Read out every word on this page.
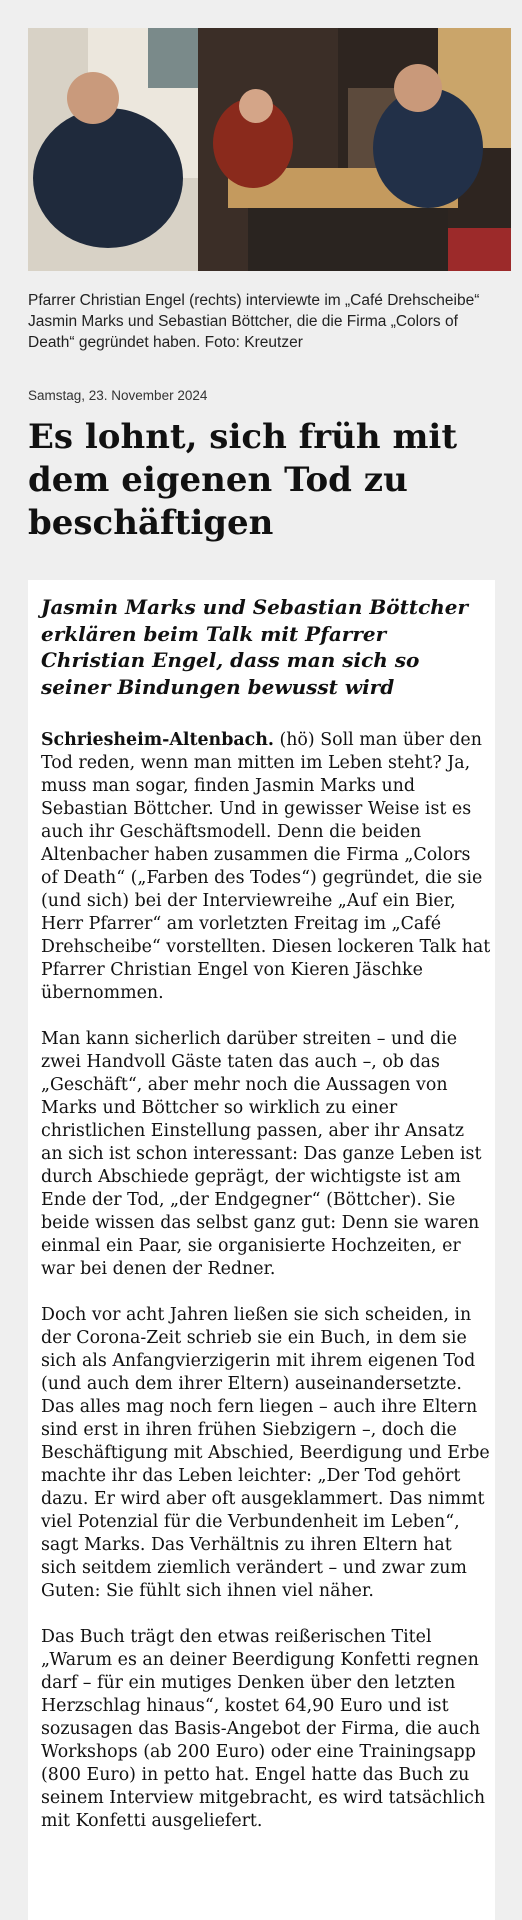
Pfarrer Christian Engel (rechts) interviewte im „Café Drehscheibe“ Jasmin Marks und Sebastian Böttcher, die die Firma „Colors of Death“ gegründet haben. Foto: Kreutzer
Samstag, 23. November 2024
Es lohnt, sich früh mit dem eigenen Tod zu beschäftigen
Jasmin Marks und Sebastian Böttcher erklären beim Talk mit Pfarrer Christian Engel, dass man sich so seiner Bindungen bewusst wird

Schriesheim-Altenbach. (hö) Soll man über den Tod reden, wenn man mitten im Leben steht? Ja, muss man sogar, finden Jasmin Marks und Sebastian Böttcher. Und in gewisser Weise ist es auch ihr Geschäftsmodell. Denn die beiden Altenbacher haben zusammen die Firma „Colors of Death“ („Farben des Todes“) gegründet, die sie (und sich) bei der Interviewreihe „Auf ein Bier, Herr Pfarrer“ am vorletzten Freitag im „Café Drehscheibe“ vorstellten. Diesen lockeren Talk hat Pfarrer Christian Engel von Kieren Jäschke übernommen.

Man kann sicherlich darüber streiten – und die zwei Handvoll Gäste taten das auch –, ob das „Geschäft“, aber mehr noch die Aussagen von Marks und Böttcher so wirklich zu einer christlichen Einstellung passen, aber ihr Ansatz an sich ist schon interessant: Das ganze Leben ist durch Abschiede geprägt, der wichtigste ist am Ende der Tod, „der Endgegner“ (Böttcher). Sie beide wissen das selbst ganz gut: Denn sie waren einmal ein Paar, sie organisierte Hochzeiten, er war bei denen der Redner.

Doch vor acht Jahren ließen sie sich scheiden, in der Corona-Zeit schrieb sie ein Buch, in dem sie sich als Anfangvierzigerin mit ihrem eigenen Tod (und auch dem ihrer Eltern) auseinandersetzte. Das alles mag noch fern liegen – auch ihre Eltern sind erst in ihren frühen Siebzigern –, doch die Beschäftigung mit Abschied, Beerdigung und Erbe machte ihr das Leben leichter: „Der Tod gehört dazu. Er wird aber oft ausgeklammert. Das nimmt viel Potenzial für die Verbundenheit im Leben“, sagt Marks. Das Verhältnis zu ihren Eltern hat sich seitdem ziemlich verändert – und zwar zum Guten: Sie fühlt sich ihnen viel näher.

Das Buch trägt den etwas reißerischen Titel „Warum es an deiner Beerdigung Konfetti regnen darf – für ein mutiges Denken über den letzten Herzschlag hinaus“, kostet 64,90 Euro und ist sozusagen das Basis-Angebot der Firma, die auch Workshops (ab 200 Euro) oder eine Trainingsapp (800 Euro) in petto hat. Engel hatte das Buch zu seinem Interview mitgebracht, es wird tatsächlich mit Konfetti ausgeliefert.
